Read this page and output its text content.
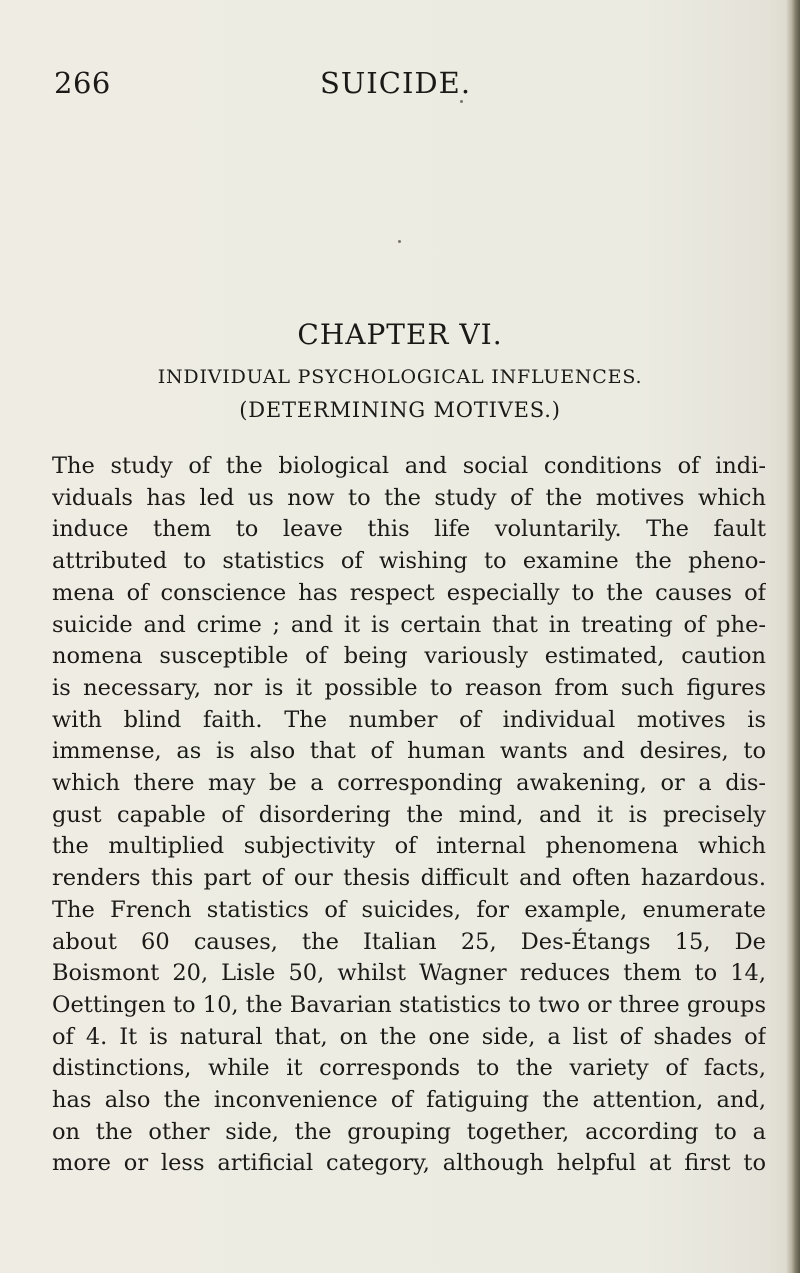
266	SUICIDE.
CHAPTER VI.
INDIVIDUAL PSYCHOLOGICAL INFLUENCES.
(DETERMINING MOTIVES.)
The study of the biological and social conditions of indi-
viduals has led us now to the study of the motives which
induce them to leave this life voluntarily. The fault
attributed to statistics of wishing to examine the pheno-
mena of conscience has respect especially to the causes of
suicide and crime ; and it is certain that in treating of phe-
nomena susceptible of being variously estimated, caution
is necessary, nor is it possible to reason from such figures
with blind faith. The number of individual motives is
immense, as is also that of human wants and desires, to
which there may be a corresponding awakening, or a dis-
gust capable of disordering the mind, and it is precisely
the multiplied subjectivity of internal phenomena which
renders this part of our thesis difficult and often hazardous.
The French statistics of suicides, for example, enumerate
about 60 causes, the Italian 25, Des-Étangs 15, De
Boismont 20, Lisle 50, whilst Wagner reduces them to 14,
Oettingen to 10, the Bavarian statistics to two or three groups
of 4. It is natural that, on the one side, a list of shades of
distinctions, while it corresponds to the variety of facts,
has also the inconvenience of fatiguing the attention, and,
on the other side, the grouping together, according to a
more or less artificial category, although helpful at first to
